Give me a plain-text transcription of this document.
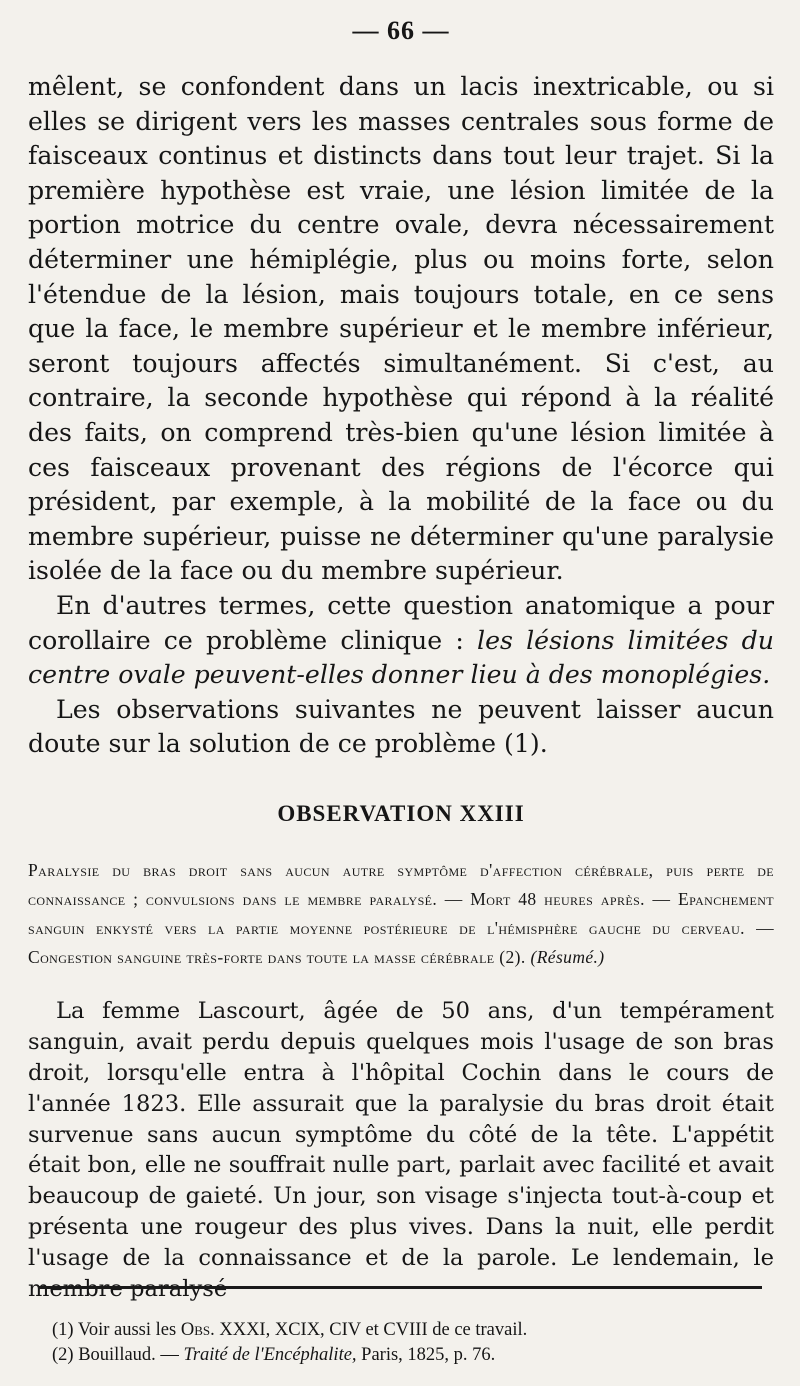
— 66 —

mêlent, se confondent dans un lacis inextricable, ou si elles se dirigent vers les masses centrales sous forme de faisceaux continus et distincts dans tout leur trajet. Si la première hypothèse est vraie, une lésion limitée de la portion motrice du centre ovale, devra nécessairement déterminer une hémiplégie, plus ou moins forte, selon l'étendue de la lésion, mais toujours totale, en ce sens que la face, le membre supérieur et le membre inférieur, seront toujours affectés simultanément. Si c'est, au contraire, la seconde hypothèse qui répond à la réalité des faits, on comprend très-bien qu'une lésion limitée à ces faisceaux provenant des régions de l'écorce qui président, par exemple, à la mobilité de la face ou du membre supérieur, puisse ne déterminer qu'une paralysie isolée de la face ou du membre supérieur.

En d'autres termes, cette question anatomique a pour corollaire ce problème clinique : les lésions limitées du centre ovale peuvent-elles donner lieu à des monoplégies.

Les observations suivantes ne peuvent laisser aucun doute sur la solution de ce problème (1).

OBSERVATION XXIII

Paralysie du bras droit sans aucun autre symptôme d'affection cérébrale, puis perte de connaissance ; convulsions dans le membre paralysé. — Mort 48 heures après. — Epanchement sanguin enkysté vers la partie moyenne postérieure de l'hémisphère gauche du cerveau. — Congestion sanguine très-forte dans toute la masse cérébrale (2). (Résumé.)

La femme Lascourt, âgée de 50 ans, d'un tempérament sanguin, avait perdu depuis quelques mois l'usage de son bras droit, lorsqu'elle entra à l'hôpital Cochin dans le cours de l'année 1823. Elle assurait que la paralysie du bras droit était survenue sans aucun symptôme du côté de la tête. L'appétit était bon, elle ne souffrait nulle part, parlait avec facilité et avait beaucoup de gaieté. Un jour, son visage s'injecta tout-à-coup et présenta une rougeur des plus vives. Dans la nuit, elle perdit l'usage de la connaissance et de la parole. Le lendemain, le membre paralysé

(1) Voir aussi les Obs. XXXI, XCIX, CIV et CVIII de ce travail.
(2) Bouillaud. — Traité de l'Encéphalite, Paris, 1825, p. 76.
